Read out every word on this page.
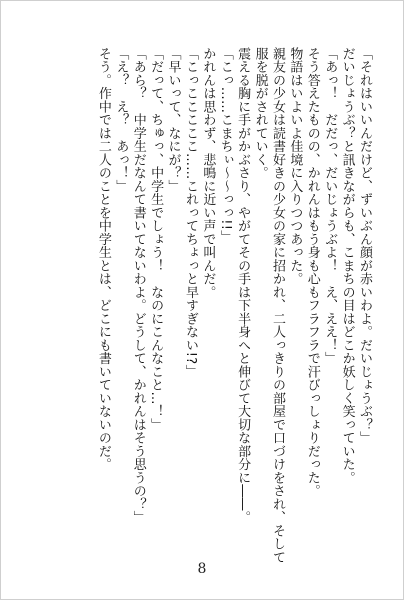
「それはいいんだけど、ずいぶん顔が赤いわよ。だいじょうぶ？」
だいじょうぶ？と訊きながらも、こまちの目はどこか妖しく笑っていた。
「あっ！　だだっ、だいじょうぶよ！　え、ええ！」
そう答えたものの、かれんはもう身も心もフラフラで汗びっしょりだった。
物語はいよいよ佳境に入りつつあった。
親友の少女は読書好きの少女の家に招かれ、二人っきりの部屋で口づけをされ、そして
服を脱がされていく。
震える胸に手がかぶさり、やがてその手は下半身へと伸びて大切な部分に――。
「こっ……こまちぃ～～っっ!!」
かれんは思わず、悲鳴に近い声で叫んだ。
「こっこここここ……これってちょっと早すぎない!?」
「早いって、なにが？」
「だって、ちゅっ、中学生でしょう！　なのにこんなこと…！」
「あら？　中学生だなんて書いてないわよ。どうして、かれんはそう思うの？」
「え？　え？　あっ！」
そう。作中では二人のことを中学生とは、どこにも書いていないのだ。
8
